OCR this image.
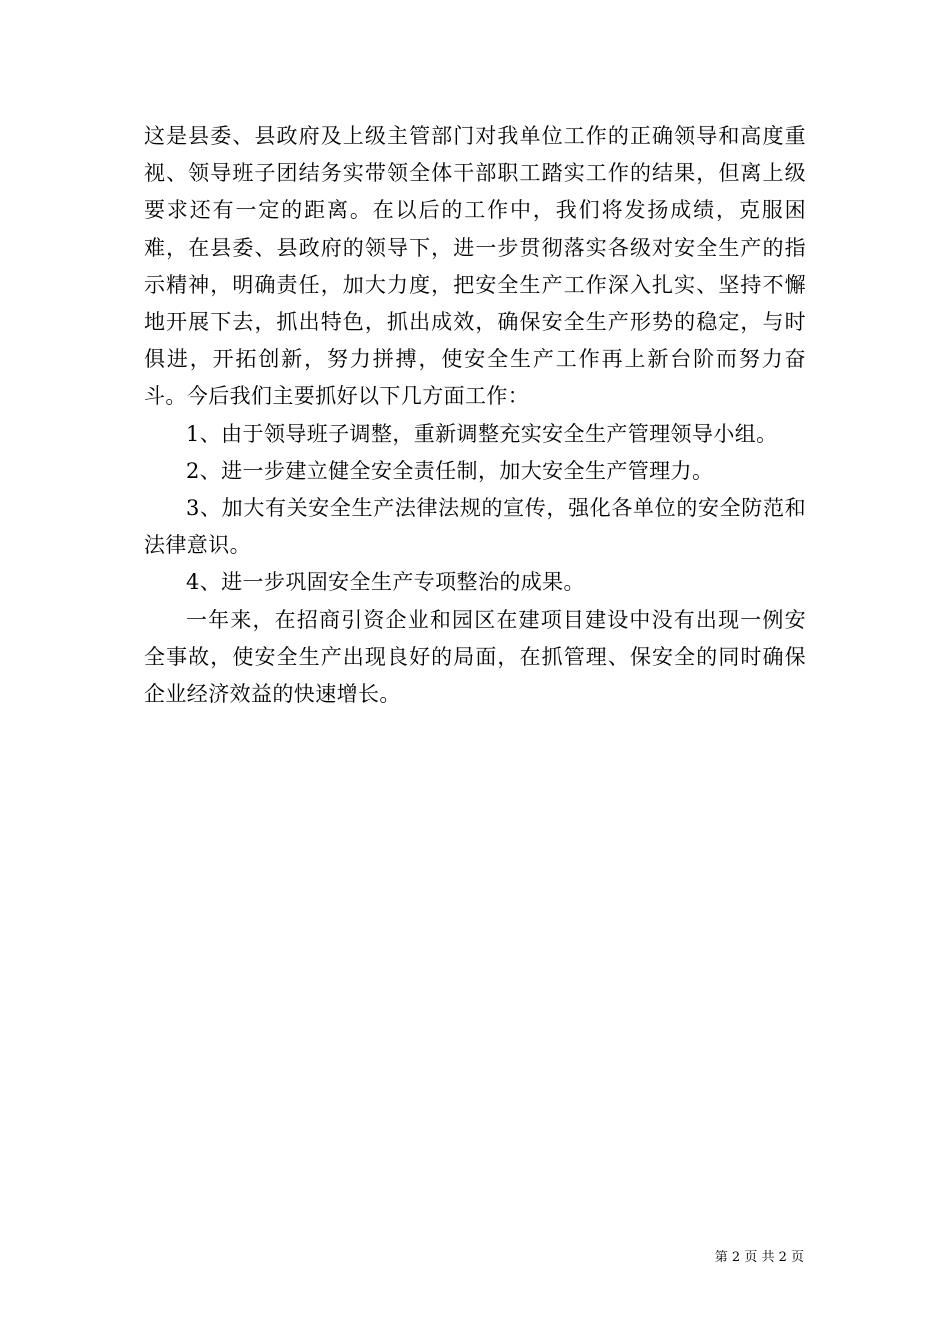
这是县委、县政府及上级主管部门对我单位工作的正确领导和高度重视、领导班子团结务实带领全体干部职工踏实工作的结果，但离上级要求还有一定的距离。在以后的工作中，我们将发扬成绩，克服困难，在县委、县政府的领导下，进一步贯彻落实各级对安全生产的指示精神，明确责任，加大力度，把安全生产工作深入扎实、坚持不懈地开展下去，抓出特色，抓出成效，确保安全生产形势的稳定，与时俱进，开拓创新，努力拼搏，使安全生产工作再上新台阶而努力奋斗。今后我们主要抓好以下几方面工作：

1、由于领导班子调整，重新调整充实安全生产管理领导小组。

2、进一步建立健全安全责任制，加大安全生产管理力。

3、加大有关安全生产法律法规的宣传，强化各单位的安全防范和法律意识。

4、进一步巩固安全生产专项整治的成果。

一年来，在招商引资企业和园区在建项目建设中没有出现一例安全事故，使安全生产出现良好的局面，在抓管理、保安全的同时确保企业经济效益的快速增长。

第 2 页 共 2 页
